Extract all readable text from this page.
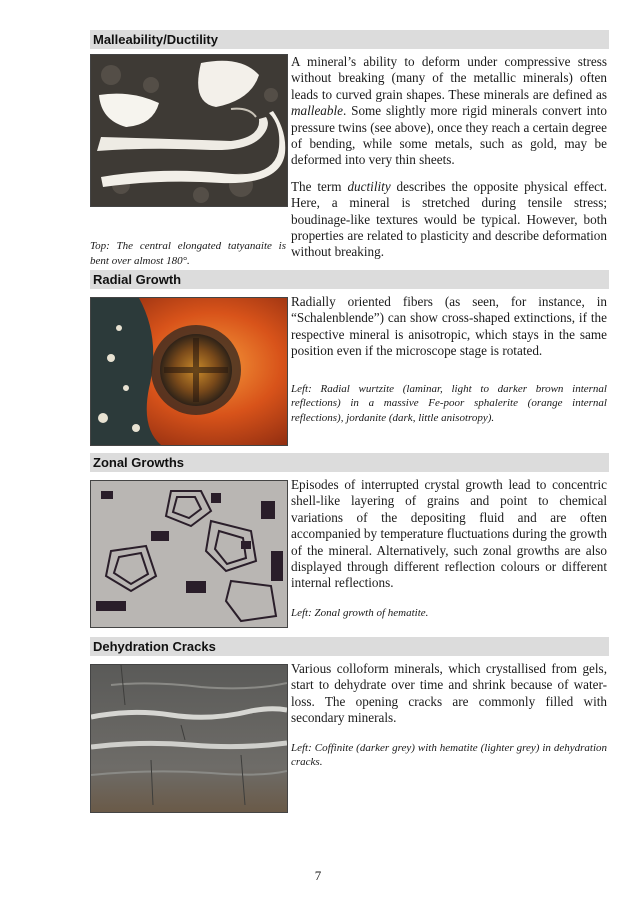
Malleability/Ductility
Top: The central elongated tatyanaite is bent over almost 180°.

A mineral’s ability to deform under compressive stress without breaking (many of the metallic minerals) often leads to curved grain shapes. These minerals are defined as malleable. Some slightly more rigid minerals convert into pressure twins (see above), once they reach a certain degree of bending, while some metals, such as gold, may be deformed into very thin sheets.

The term ductility describes the opposite physical effect. Here, a mineral is stretched during tensile stress; boudinage-like textures would be typical. However, both properties are related to plasticity and describe deformation without breaking.

Radial Growth

Radially oriented fibers (as seen, for instance, in “Schalenblende”) can show cross-shaped extinctions, if the respective mineral is anisotropic, which stays in the same position even if the microscope stage is rotated.

Left: Radial wurtzite (laminar, light to darker brown internal reflections) in a massive Fe-poor sphalerite (orange internal reflections), jordanite (dark, little anisotropy).
Zonal Growths

Episodes of interrupted crystal growth lead to concentric shell-like layering of grains and point to chemical variations of the depositing fluid and are often accompanied by temperature fluctuations during the growth of the mineral. Alternatively, such zonal growths are also displayed through different reflection colours or different internal reflections.

Left: Zonal growth of hematite.
Dehydration Cracks

Various colloform minerals, which crystallised from gels, start to dehydrate over time and shrink because of water-loss. The opening cracks are commonly filled with secondary minerals.

Left: Coffinite (darker grey) with hematite (lighter grey) in dehydration cracks.
7
